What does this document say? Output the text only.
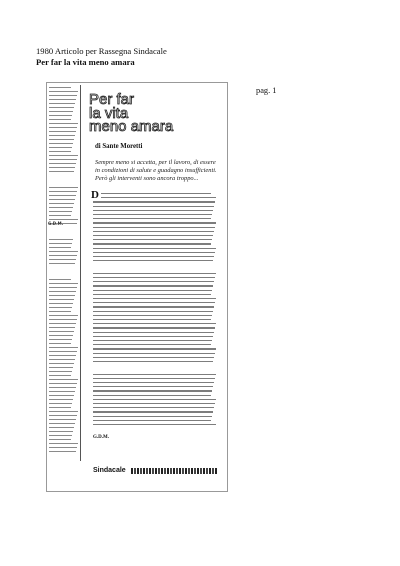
1980 Articolo per Rassegna Sindacale
Per far la vita meno amara
pag. 1
G.D.M.
Per far
la vita
meno amara
di Sante Moretti
Sempre meno si accetta, per il lavoro, di essere in condizioni di salute e guadagno insufficienti. Però gli interventi sono ancora troppo...
D
G.D.M.
Sindacale
